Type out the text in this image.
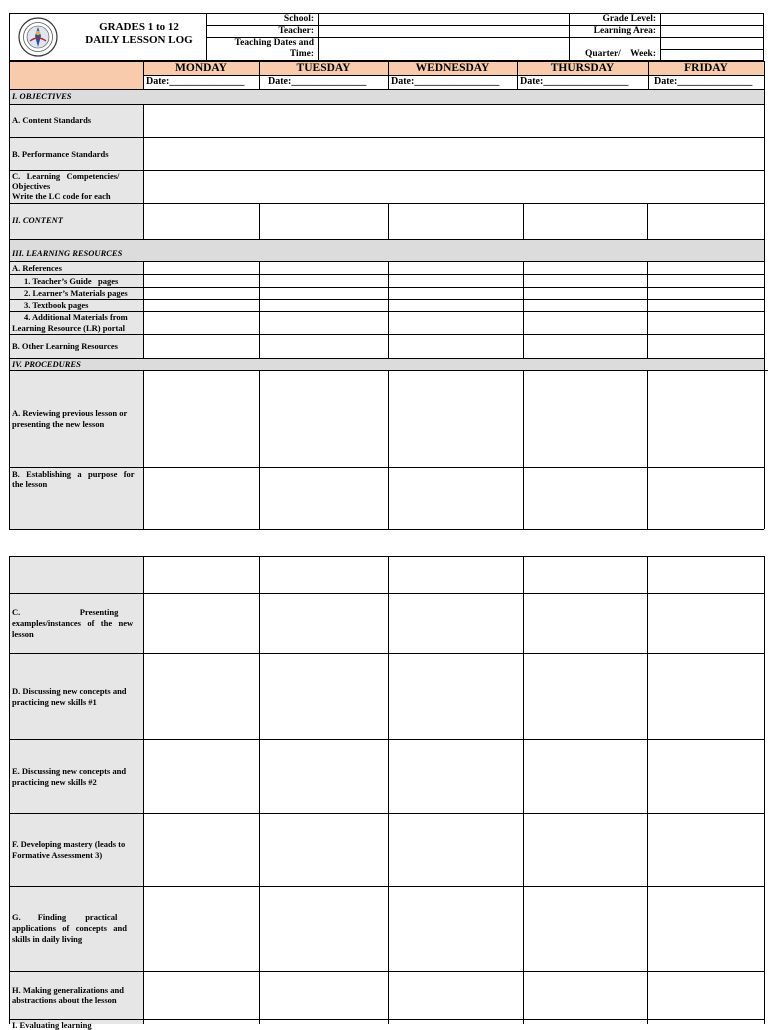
GRADES 1 to 12
DAILY LESSON LOG
School:
Teacher:
Teaching Dates and
Time:
Grade Level:
Learning Area:
Quarter/    Week:
MONDAY	TUESDAY	WEDNESDAY	THURSDAY	FRIDAY
Date:_______________ Date:_______________ Date:_________________ Date:_________________	Date:_______________
I. OBJECTIVES
A. Content Standards
B. Performance Standards
C.   Learning   Competencies/
Objectives
Write the LC code for each
II. CONTENT
III. LEARNING RESOURCES
A. References
1. Teacher’s Guide   pages
2. Learner’s Materials pages
3. Textbook pages
4. Additional Materials from
Learning Resource (LR) portal
B. Other Learning Resources
IV. PROCEDURES
A. Reviewing previous lesson or
presenting the new lesson
B.   Establishing   a   purpose   for
the lesson
C.                            Presenting
examples/instances   of   the   new
lesson
D. Discussing new concepts and
practicing new skills #1
E. Discussing new concepts and
practicing new skills #2
F. Developing mastery (leads to
Formative Assessment 3)
G.        Finding         practical
applications   of   concepts   and
skills in daily living
H. Making generalizations and
abstractions about the lesson
I. Evaluating learning
